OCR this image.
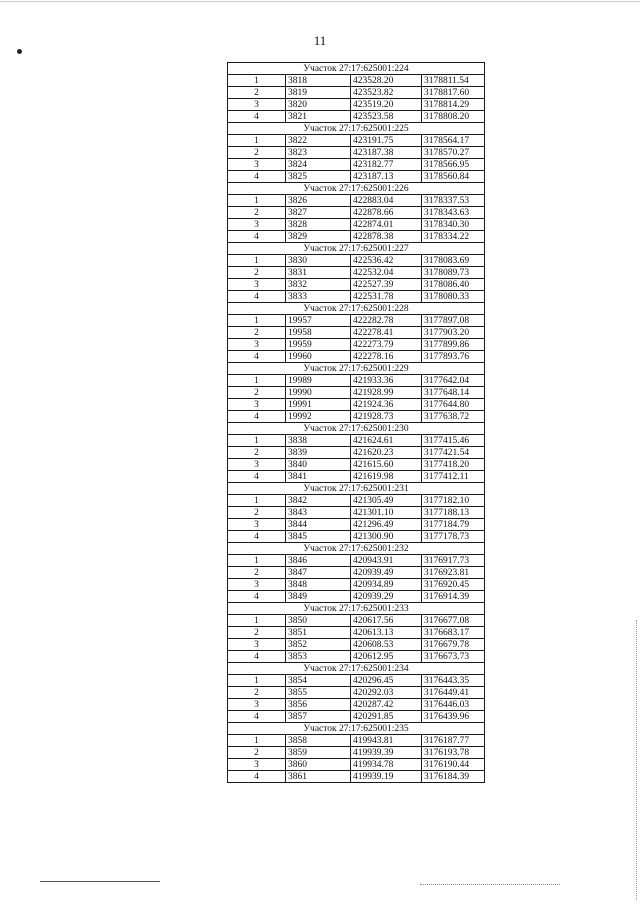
11
Участок 27:17:625001:224			
1	3818	423528.20	3178811.54
2	3819	423523.82	3178817.60
3	3820	423519.20	3178814.29
4	3821	423523.58	3178808.20
Участок 27:17:625001:225			
1	3822	423191.75	3178564.17
2	3823	423187.38	3178570.27
3	3824	423182.77	3178566.95
4	3825	423187.13	3178560.84
Участок 27:17:625001:226			
1	3826	422883.04	3178337.53
2	3827	422878.66	3178343.63
3	3828	422874.01	3178340.30
4	3829	422878.38	3178334.22
Участок 27:17:625001:227			
1	3830	422536.42	3178083.69
2	3831	422532.04	3178089.73
3	3832	422527.39	3178086.40
4	3833	422531.78	3178080.33
Участок 27:17:625001:228			
1	19957	422282.78	3177897.08
2	19958	422278.41	3177903.20
3	19959	422273.79	3177899.86
4	19960	422278.16	3177893.76
Участок 27:17:625001:229			
1	19989	421933.36	3177642.04
2	19990	421928.99	3177648.14
3	19991	421924.36	3177644.80
4	19992	421928.73	3177638.72
Участок 27:17:625001:230			
1	3838	421624.61	3177415.46
2	3839	421620.23	3177421.54
3	3840	421615.60	3177418.20
4	3841	421619.98	3177412.11
Участок 27:17:625001:231			
1	3842	421305.49	3177182.10
2	3843	421301.10	3177188.13
3	3844	421296.49	3177184.79
4	3845	421300.90	3177178.73
Участок 27:17:625001:232			
1	3846	420943.91	3176917.73
2	3847	420939.49	3176923.81
3	3848	420934.89	3176920.45
4	3849	420939.29	3176914.39
Участок 27:17:625001:233			
1	3850	420617.56	3176677.08
2	3851	420613.13	3176683.17
3	3852	420608.53	3176679.78
4	3853	420612.95	3176673.73
Участок 27:17:625001:234			
1	3854	420296.45	3176443.35
2	3855	420292.03	3176449.41
3	3856	420287.42	3176446.03
4	3857	420291.85	3176439.96
Участок 27:17:625001:235			
1	3858	419943.81	3176187.77
2	3859	419939.39	3176193.78
3	3860	419934.78	3176190.44
4	3861	419939.19	3176184.39
